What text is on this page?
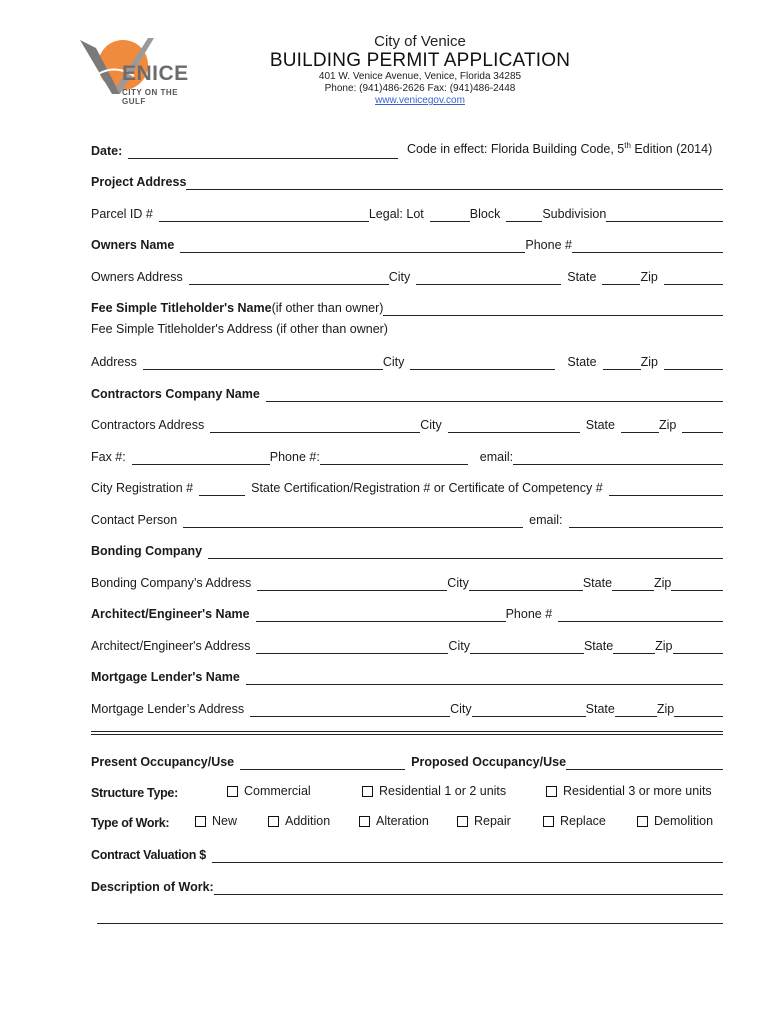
ENICE
CITY ON THE GULF
City of Venice
BUILDING PERMIT APPLICATION
401 W. Venice Avenue, Venice, Florida 34285
Phone: (941)486-2626 Fax: (941)486-2448
www.venicegov.com
Date:	Code in effect: Florida Building Code, 5th Edition (2014)
Project Address
Parcel ID #	Legal: Lot	Block	Subdivision
Owners Name	Phone #
Owners Address	City	State	Zip
Fee Simple Titleholder's Name (if other than owner)
Fee Simple Titleholder's Address (if other than owner)
Address	City	State	Zip
Contractors Company Name
Contractors Address	City	State	Zip
Fax #:	Phone #:	email:
City Registration #	State Certification/Registration # or Certificate of Competency #
Contact Person	email:
Bonding Company
Bonding Company’s Address	City	State	Zip
Architect/Engineer's Name	Phone #
Architect/Engineer's Address	City	State	Zip
Mortgage Lender's Name
Mortgage Lender’s Address	City	State	Zip
Present Occupancy/Use	Proposed Occupancy/Use
Structure Type:	Commercial	Residential 1 or 2 units	Residential 3 or more units
Type of Work:	New	Addition	Alteration	Repair	Replace	Demolition
Contract Valuation $
Description of Work:
